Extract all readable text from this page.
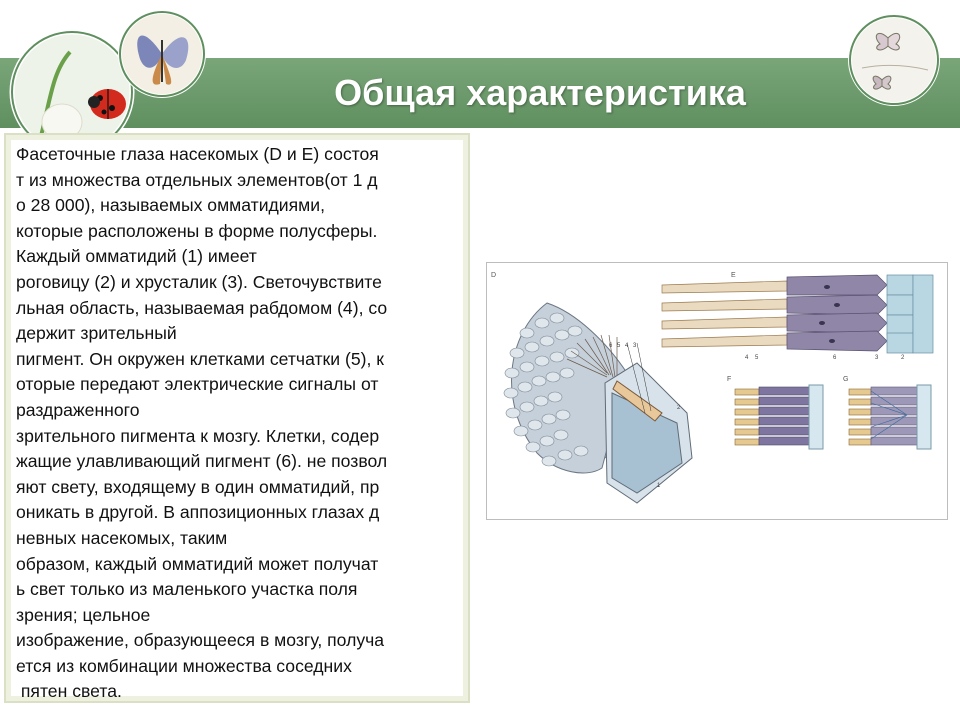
Общая характеристика
Фасеточные глаза насекомых (D и E) состоя
т из множества отдельных элементов(от 1 д
о 28 000), называемых омматидиями,
которые расположены в форме полусферы.
Каждый омматидий (1) имеет
роговицу (2) и хрусталик (3). Светочувствите
льная область, называемая рабдомом (4), со
держит зрительный
пигмент. Он окружен клетками сетчатки (5), к
оторые передают электрические сигналы от
раздраженного
зрительного пигмента к мозгу. Клетки, содер
жащие улавливающий пигмент (6). не позвол
яют свету, входящему в один омматидий, пр
оникать в другой. В аппозиционных глазах д
невных насекомых, таким
образом, каждый омматидий может получат
ь свет только из маленького участка поля
зрения; цельное
изображение, образующееся в мозгу, получа
ется из комбинации множества соседних
пятен света.
D
6 5 4 3
2
1
E
4 5	6	3	2
F	G
